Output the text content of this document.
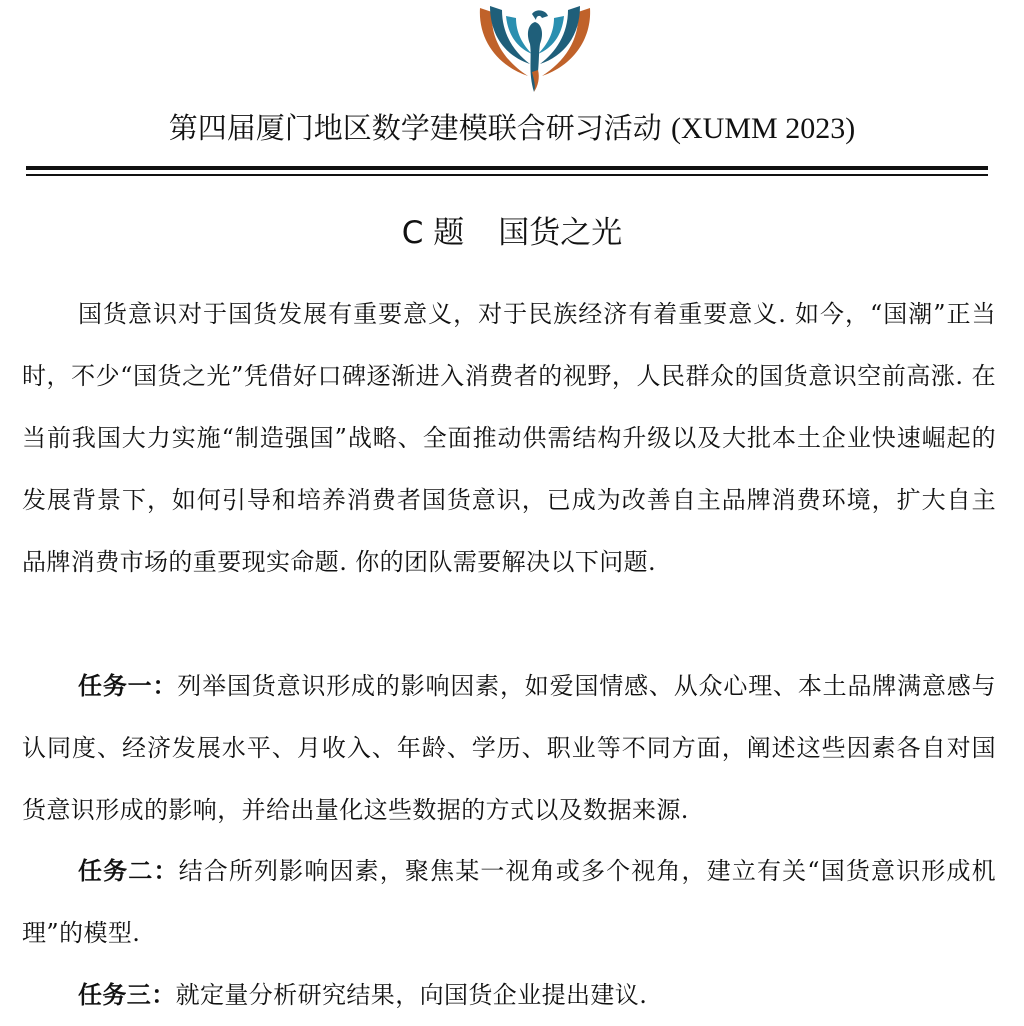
第四届厦门地区数学建模联合研习活动 (XUMM 2023)
C 题 国货之光

国货意识对于国货发展有重要意义，对于民族经济有着重要意义. 如今，“国潮”正当时，不少“国货之光”凭借好口碑逐渐进入消费者的视野，人民群众的国货意识空前高涨. 在当前我国大力实施“制造强国”战略、全面推动供需结构升级以及大批本土企业快速崛起的发展背景下，如何引导和培养消费者国货意识，已成为改善自主品牌消费环境，扩大自主品牌消费市场的重要现实命题. 你的团队需要解决以下问题.

任务一：列举国货意识形成的影响因素，如爱国情感、从众心理、本土品牌满意感与认同度、经济发展水平、月收入、年龄、学历、职业等不同方面，阐述这些因素各自对国货意识形成的影响，并给出量化这些数据的方式以及数据来源.

任务二：结合所列影响因素，聚焦某一视角或多个视角，建立有关“国货意识形成机理”的模型.

任务三：就定量分析研究结果，向国货企业提出建议.
